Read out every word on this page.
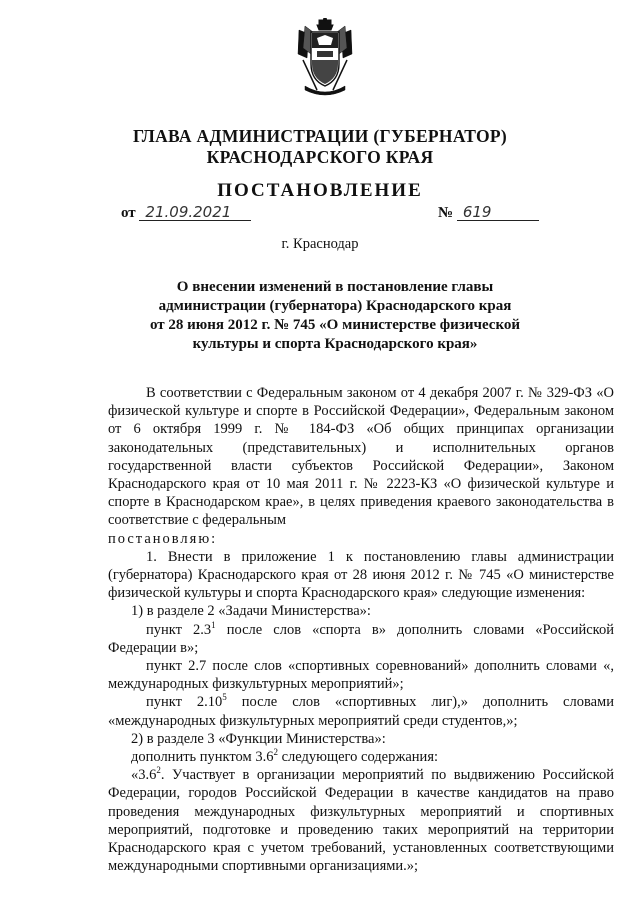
ГЛАВА АДМИНИСТРАЦИИ (ГУБЕРНАТОР)
КРАСНОДАРСКОГО КРАЯ
ПОСТАНОВЛЕНИЕ
от 21.09.2021	№ 619
г. Краснодар
О внесении изменений в постановление главы
администрации (губернатора) Краснодарского края
от 28 июня 2012 г. № 745 «О министерстве физической
культуры и спорта Краснодарского края»

В соответствии с Федеральным законом от 4 декабря 2007 г. № 329-ФЗ «О физической культуре и спорте в Российской Федерации», Федеральным законом от 6 октября 1999 г. № 184-ФЗ «Об общих принципах организации законодательных (представительных) и исполнительных органов государственной власти субъектов Российской Федерации», Законом Краснодарского края от 10 мая 2011 г. № 2223-КЗ «О физической культуре и спорте в Краснодарском крае», в целях приведения краевого законодательства в соответствие с федеральным

постановляю:

1. Внести в приложение 1 к постановлению главы администрации (губернатора) Краснодарского края от 28 июня 2012 г. № 745 «О министерстве физической культуры и спорта Краснодарского края» следующие изменения:

1) в разделе 2 «Задачи Министерства»:

пункт $2.3^1$ после слов «спорта в» дополнить словами «Российской Федерации в»;

пункт 2.7 после слов «спортивных соревнований» дополнить словами «, международных физкультурных мероприятий»;

пункт 2.10$^5$ после слов «спортивных лиг),» дополнить словами «международных физкультурных мероприятий среди студентов,»;

2) в разделе 3 «Функции Министерства»:

дополнить пунктом $3.6^2$ следующего содержания:

«$3.6^2$. Участвует в организации мероприятий по выдвижению Российской Федерации, городов Российской Федерации в качестве кандидатов на право проведения международных физкультурных мероприятий и спортивных мероприятий, подготовке и проведению таких мероприятий на территории Краснодарского края с учетом требований, установленных соответствующими международными спортивными организациями.»;
